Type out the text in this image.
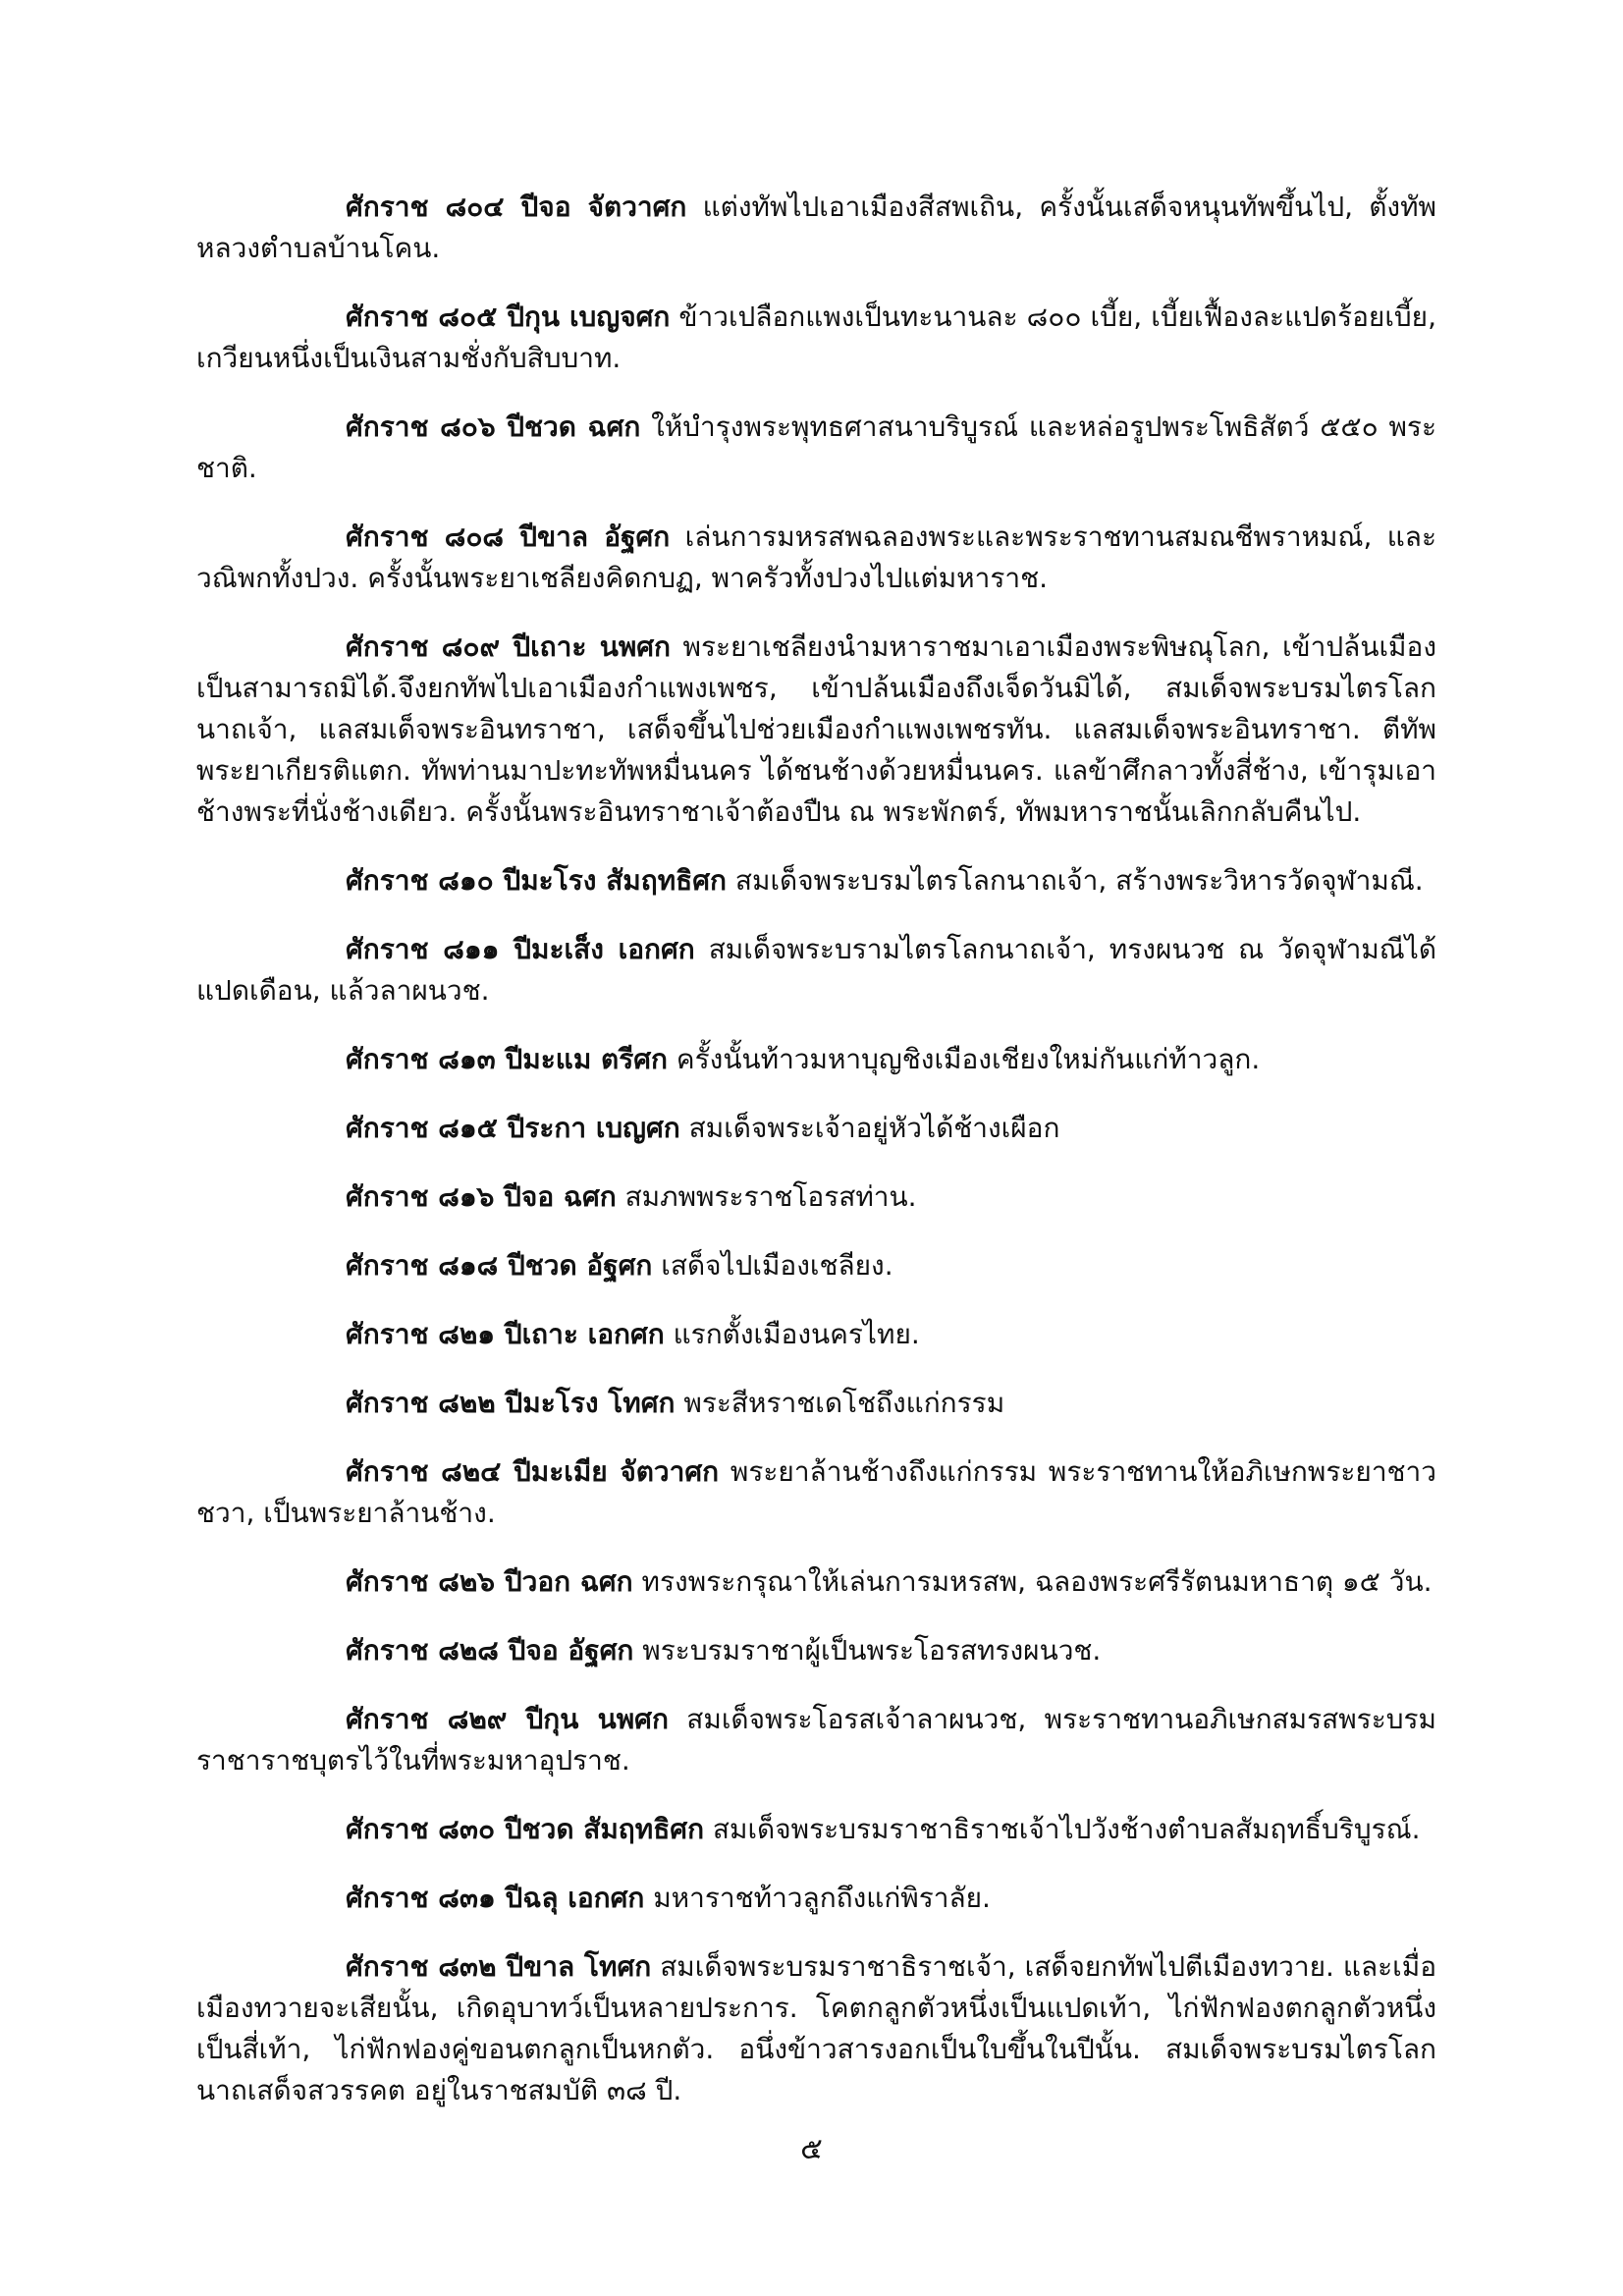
ศักราช ๘๐๔ ปีจอ จัตวาศก แต่งทัพไปเอาเมืองสีสพเถิน, ครั้งนั้นเสด็จหนุนทัพขึ้นไป, ตั้งทัพหลวงตำบลบ้านโคน.

ศักราช ๘๐๕ ปีกุน เบญจศก ข้าวเปลือกแพงเป็นทะนานละ ๘๐๐ เบี้ย, เบี้ยเฟื้องละแปดร้อยเบี้ย, เกวียนหนึ่งเป็นเงินสามชั่งกับสิบบาท.

ศักราช ๘๐๖ ปีชวด ฉศก ให้บำรุงพระพุทธศาสนาบริบูรณ์ และหล่อรูปพระโพธิสัตว์ ๕๕๐ พระชาติ.

ศักราช ๘๐๘ ปีขาล อัฐศก เล่นการมหรสพฉลองพระและพระราชทานสมณชีพราหมณ์, และวณิพกทั้งปวง. ครั้งนั้นพระยาเชลียงคิดกบฏ, พาครัวทั้งปวงไปแต่มหาราช.

ศักราช ๘๐๙ ปีเถาะ นพศก พระยาเชลียงนำมหาราชมาเอาเมืองพระพิษณุโลก, เข้าปล้นเมืองเป็นสามารถมิได้.จึงยกทัพไปเอาเมืองกำแพงเพชร, เข้าปล้นเมืองถึงเจ็ดวันมิได้, สมเด็จพระบรมไตรโลกนาถเจ้า, แลสมเด็จพระอินทราชา, เสด็จขึ้นไปช่วยเมืองกำแพงเพชรทัน. แลสมเด็จพระอินทราชา. ตีทัพพระยาเกียรติแตก. ทัพท่านมาปะทะทัพหมื่นนคร ได้ชนช้างด้วยหมื่นนคร. แลข้าศึกลาวทั้งสี่ช้าง, เข้ารุมเอาช้างพระที่นั่งช้างเดียว. ครั้งนั้นพระอินทราชาเจ้าต้องปืน ณ พระพักตร์, ทัพมหาราชนั้นเลิกกลับคืนไป.

ศักราช ๘๑๐ ปีมะโรง สัมฤทธิศก สมเด็จพระบรมไตรโลกนาถเจ้า, สร้างพระวิหารวัดจุฬามณี.

ศักราช ๘๑๑ ปีมะเส็ง เอกศก สมเด็จพระบรามไตรโลกนาถเจ้า, ทรงผนวช ณ วัดจุฬามณีได้แปดเดือน, แล้วลาผนวช.

ศักราช ๘๑๓ ปีมะแม ตรีศก ครั้งนั้นท้าวมหาบุญชิงเมืองเชียงใหม่กันแก่ท้าวลูก.

ศักราช ๘๑๕ ปีระกา เบญศก สมเด็จพระเจ้าอยู่หัวได้ช้างเผือก

ศักราช ๘๑๖ ปีจอ ฉศก สมภพพระราชโอรสท่าน.

ศักราช ๘๑๘ ปีชวด อัฐศก เสด็จไปเมืองเชลียง.

ศักราช ๘๒๑ ปีเถาะ เอกศก แรกตั้งเมืองนครไทย.

ศักราช ๘๒๒ ปีมะโรง โทศก พระสีหราชเดโชถึงแก่กรรม

ศักราช ๘๒๔ ปีมะเมีย จัตวาศก พระยาล้านช้างถึงแก่กรรม พระราชทานให้อภิเษกพระยาชาวชวา, เป็นพระยาล้านช้าง.

ศักราช ๘๒๖ ปีวอก ฉศก ทรงพระกรุณาให้เล่นการมหรสพ, ฉลองพระศรีรัตนมหาธาตุ ๑๕ วัน.

ศักราช ๘๒๘ ปีจอ อัฐศก พระบรมราชาผู้เป็นพระโอรสทรงผนวช.

ศักราช ๘๒๙ ปีกุน นพศก สมเด็จพระโอรสเจ้าลาผนวช, พระราชทานอภิเษกสมรสพระบรมราชาราชบุตรไว้ในที่พระมหาอุปราช.

ศักราช ๘๓๐ ปีชวด สัมฤทธิศก สมเด็จพระบรมราชาธิราชเจ้าไปวังช้างตำบลสัมฤทธิ์บริบูรณ์.

ศักราช ๘๓๑ ปีฉลุ เอกศก มหาราชท้าวลูกถึงแก่พิราลัย.

ศักราช ๘๓๒ ปีขาล โทศก สมเด็จพระบรมราชาธิราชเจ้า, เสด็จยกทัพไปตีเมืองทวาย. และเมื่อเมืองทวายจะเสียนั้น, เกิดอุบาทว์เป็นหลายประการ. โคตกลูกตัวหนึ่งเป็นแปดเท้า, ไก่ฟักฟองตกลูกตัวหนึ่งเป็นสี่เท้า, ไก่ฟักฟองคู่ขอนตกลูกเป็นหกตัว. อนึ่งข้าวสารงอกเป็นใบขึ้นในปีนั้น. สมเด็จพระบรมไตรโลกนาถเสด็จสวรรคต อยู่ในราชสมบัติ ๓๘ ปี.

๕
